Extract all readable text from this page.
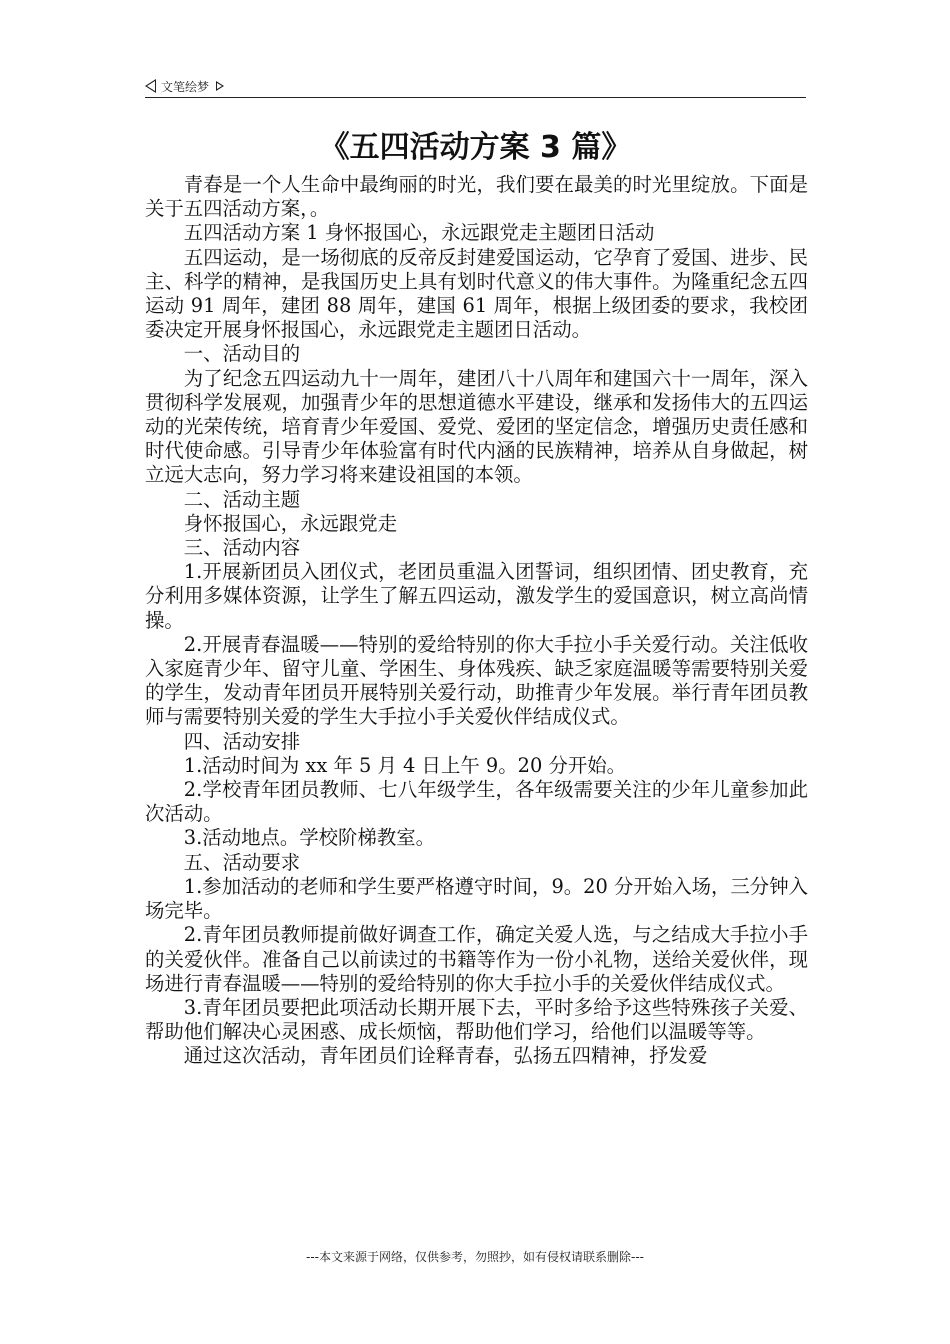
文笔绘梦
《五四活动方案 3 篇》

青春是一个人生命中最绚丽的时光，我们要在最美的时光里绽放。下面是关于五四活动方案，。

五四活动方案 1 身怀报国心，永远跟党走主题团日活动

五四运动，是一场彻底的反帝反封建爱国运动，它孕育了爱国、进步、民主、科学的精神，是我国历史上具有划时代意义的伟大事件。为隆重纪念五四运动 91 周年，建团 88 周年，建国 61 周年，根据上级团委的要求，我校团委决定开展身怀报国心，永远跟党走主题团日活动。

一、活动目的

为了纪念五四运动九十一周年，建团八十八周年和建国六十一周年，深入贯彻科学发展观，加强青少年的思想道德水平建设，继承和发扬伟大的五四运动的光荣传统，培育青少年爱国、爱党、爱团的坚定信念，增强历史责任感和时代使命感。引导青少年体验富有时代内涵的民族精神，培养从自身做起，树立远大志向，努力学习将来建设祖国的本领。

二、活动主题

身怀报国心，永远跟党走

三、活动内容

1.开展新团员入团仪式，老团员重温入团誓词，组织团情、团史教育，充分利用多媒体资源，让学生了解五四运动，激发学生的爱国意识，树立高尚情操。

2.开展青春温暖——特别的爱给特别的你大手拉小手关爱行动。关注低收入家庭青少年、留守儿童、学困生、身体残疾、缺乏家庭温暖等需要特别关爱的学生，发动青年团员开展特别关爱行动，助推青少年发展。举行青年团员教师与需要特别关爱的学生大手拉小手关爱伙伴结成仪式。

四、活动安排

1.活动时间为 xx 年 5 月 4 日上午 9。20 分开始。

2.学校青年团员教师、七八年级学生，各年级需要关注的少年儿童参加此次活动。

3.活动地点。学校阶梯教室。

五、活动要求

1.参加活动的老师和学生要严格遵守时间，9。20 分开始入场，三分钟入场完毕。

2.青年团员教师提前做好调查工作，确定关爱人选，与之结成大手拉小手的关爱伙伴。准备自己以前读过的书籍等作为一份小礼物，送给关爱伙伴，现场进行青春温暖——特别的爱给特别的你大手拉小手的关爱伙伴结成仪式。

3.青年团员要把此项活动长期开展下去，平时多给予这些特殊孩子关爱、帮助他们解决心灵困惑、成长烦恼，帮助他们学习，给他们以温暖等等。

通过这次活动，青年团员们诠释青春，弘扬五四精神，抒发爱

---本文来源于网络，仅供参考，勿照抄，如有侵权请联系删除---
